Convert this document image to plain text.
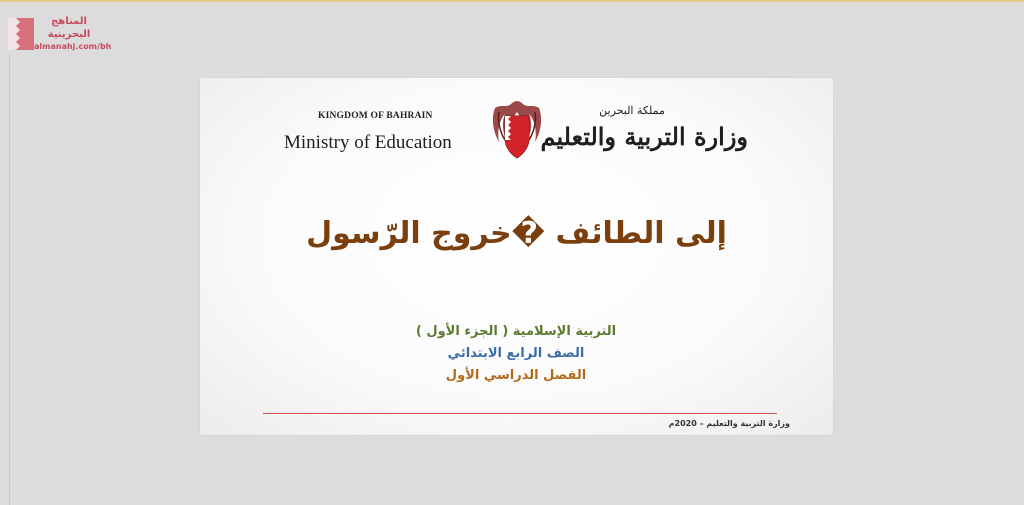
المناهج
البحرينية
almanahj.com/bh
KINGDOM OF BAHRAIN
Ministry of Education
مملكة البحرين
وزارة التربية والتعليم
إلى الطائف �خروج الرّسول
التربية الإسلامية ( الجزء الأول )
الصف الرابع الابتدائي
الفصل الدراسي الأول
وزارة التربية والتعليم – 2020م
